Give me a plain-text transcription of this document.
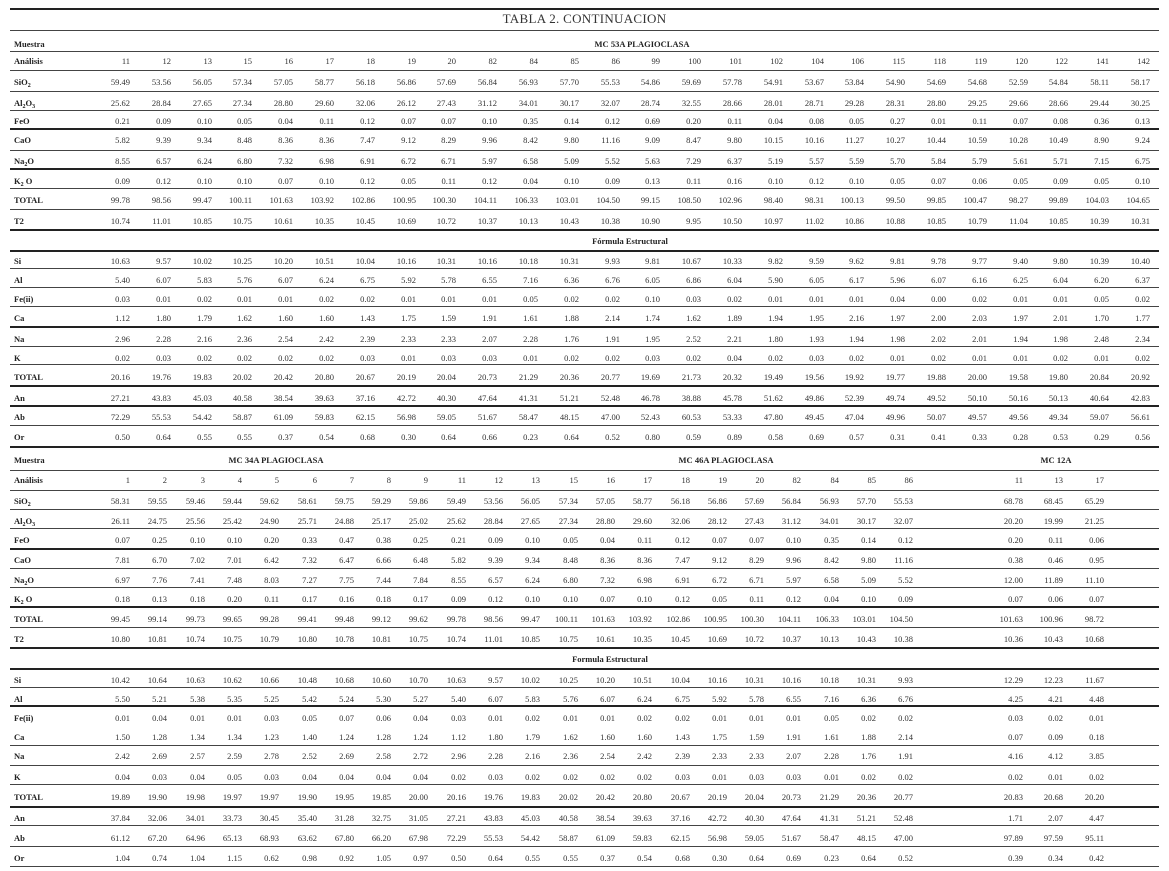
TABLA 2. CONTINUACION
Muestra	MC 53A PLAGIOCLASA
Análisis	11	12	13	15	16	17	18	19	20	82	84	85	86	99	100	101	102	104	106	115	118	119	120	122	141	142
SiO$_2$	59.49	53.56	56.05	57.34	57.05	58.77	56.18	56.86	57.69	56.84	56.93	57.70	55.53	54.86	59.69	57.78	54.91	53.67	53.84	54.90	54.69	54.68	52.59	54.84	58.11	58.17
$Al_2O_3$	25.62	28.84	27.65	27.34	28.80	29.60	32.06	26.12	27.43	31.12	34.01	30.17	32.07	28.74	32.55	28.66	28.01	28.71	29.28	28.31	28.80	29.25	29.66	28.66	29.44	30.25
FeO	0.21	0.09	0.10	0.05	0.04	0.11	0.12	0.07	0.07	0.10	0.35	0.14	0.12	0.69	0.20	0.11	0.04	0.08	0.05	0.27	0.01	0.11	0.07	0.08	0.36	0.13
CaO	5.82	9.39	9.34	8.48	8.36	8.36	7.47	9.12	8.29	9.96	8.42	9.80	11.16	9.09	8.47	9.80	10.15	10.16	11.27	10.27	10.44	10.59	10.28	10.49	8.90	9.24
$Na_2O$	8.55	6.57	6.24	6.80	7.32	6.98	6.91	6.72	6.71	5.97	6.58	5.09	5.52	5.63	7.29	6.37	5.19	5.57	5.59	5.70	5.84	5.79	5.61	5.71	7.15	6.75
$K_2$ O	0.09	0.12	0.10	0.10	0.07	0.10	0.12	0.05	0.11	0.12	0.04	0.10	0.09	0.13	0.11	0.16	0.10	0.12	0.10	0.05	0.07	0.06	0.05	0.09	0.05	0.10
TOTAL	99.78	98.56	99.47	100.11	101.63	103.92	102.86	100.95	100.30	104.11	106.33	103.01	104.50	99.15	108.50	102.96	98.40	98.31	100.13	99.50	99.85	100.47	98.27	99.89	104.03	104.65
T2	10.74	11.01	10.85	10.75	10.61	10.35	10.45	10.69	10.72	10.37	10.13	10.43	10.38	10.90	9.95	10.50	10.97	11.02	10.86	10.88	10.85	10.79	11.04	10.85	10.39	10.31
Fórmula Estructural
Si	10.63	9.57	10.02	10.25	10.20	10.51	10.04	10.16	10.31	10.16	10.18	10.31	9.93	9.81	10.67	10.33	9.82	9.59	9.62	9.81	9.78	9.77	9.40	9.80	10.39	10.40
Al	5.40	6.07	5.83	5.76	6.07	6.24	6.75	5.92	5.78	6.55	7.16	6.36	6.76	6.05	6.86	6.04	5.90	6.05	6.17	5.96	6.07	6.16	6.25	6.04	6.20	6.37
Fe(ii)	0.03	0.01	0.02	0.01	0.01	0.02	0.02	0.01	0.01	0.01	0.05	0.02	0.02	0.10	0.03	0.02	0.01	0.01	0.01	0.04	0.00	0.02	0.01	0.01	0.05	0.02
Ca	1.12	1.80	1.79	1.62	1.60	1.60	1.43	1.75	1.59	1.91	1.61	1.88	2.14	1.74	1.62	1.89	1.94	1.95	2.16	1.97	2.00	2.03	1.97	2.01	1.70	1.77
Na	2.96	2.28	2.16	2.36	2.54	2.42	2.39	2.33	2.33	2.07	2.28	1.76	1.91	1.95	2.52	2.21	1.80	1.93	1.94	1.98	2.02	2.01	1.94	1.98	2.48	2.34
K	0.02	0.03	0.02	0.02	0.02	0.02	0.03	0.01	0.03	0.03	0.01	0.02	0.02	0.03	0.02	0.04	0.02	0.03	0.02	0.01	0.02	0.01	0.01	0.02	0.01	0.02
TOTAL	20.16	19.76	19.83	20.02	20.42	20.80	20.67	20.19	20.04	20.73	21.29	20.36	20.77	19.69	21.73	20.32	19.49	19.56	19.92	19.77	19.88	20.00	19.58	19.80	20.84	20.92
An	27.21	43.83	45.03	40.58	38.54	39.63	37.16	42.72	40.30	47.64	41.31	51.21	52.48	46.78	38.88	45.78	51.62	49.86	52.39	49.74	49.52	50.10	50.16	50.13	40.64	42.83
Ab	72.29	55.53	54.42	58.87	61.09	59.83	62.15	56.98	59.05	51.67	58.47	48.15	47.00	52.43	60.53	53.33	47.80	49.45	47.04	49.96	50.07	49.57	49.56	49.34	59.07	56.61
Or	0.50	0.64	0.55	0.55	0.37	0.54	0.68	0.30	0.64	0.66	0.23	0.64	0.52	0.80	0.59	0.89	0.58	0.69	0.57	0.31	0.41	0.33	0.28	0.53	0.29	0.56
Muestra	MC 34A PLAGIOCLASA	MC 46A PLAGIOCLASA	MC 12A
Análisis	1	2	3	4	5	6	7	8	9	11	12	13	15	16	17	18	19	20	82	84	85	86	11	13	17
SiO$_2$	58.31	59.55	59.46	59.44	59.62	58.61	59.75	59.29	59.86	59.49	53.56	56.05	57.34	57.05	58.77	56.18	56.86	57.69	56.84	56.93	57.70	55.53	68.78	68.45	65.29
$Al_2O_3$	26.11	24.75	25.56	25.42	24.90	25.71	24.88	25.17	25.02	25.62	28.84	27.65	27.34	28.80	29.60	32.06	28.12	27.43	31.12	34.01	30.17	32.07	20.20	19.99	21.25
FeO	0.07	0.25	0.10	0.10	0.20	0.33	0.47	0.38	0.25	0.21	0.09	0.10	0.05	0.04	0.11	0.12	0.07	0.07	0.10	0.35	0.14	0.12	0.20	0.11	0.06
CaO	7.81	6.70	7.02	7.01	6.42	7.32	6.47	6.66	6.48	5.82	9.39	9.34	8.48	8.36	8.36	7.47	9.12	8.29	9.96	8.42	9.80	11.16	0.38	0.46	0.95
$Na_2O$	6.97	7.76	7.41	7.48	8.03	7.27	7.75	7.44	7.84	8.55	6.57	6.24	6.80	7.32	6.98	6.91	6.72	6.71	5.97	6.58	5.09	5.52	12.00	11.89	11.10
$K_2$ O	0.18	0.13	0.18	0.20	0.11	0.17	0.16	0.18	0.17	0.09	0.12	0.10	0.10	0.07	0.10	0.12	0.05	0.11	0.12	0.04	0.10	0.09	0.07	0.06	0.07
TOTAL	99.45	99.14	99.73	99.65	99.28	99.41	99.48	99.12	99.62	99.78	98.56	99.47	100.11	101.63	103.92	102.86	100.95	100.30	104.11	106.33	103.01	104.50	101.63	100.96	98.72
T2	10.80	10.81	10.74	10.75	10.79	10.80	10.78	10.81	10.75	10.74	11.01	10.85	10.75	10.61	10.35	10.45	10.69	10.72	10.37	10.13	10.43	10.38	10.36	10.43	10.68
Formula Estructural
Si	10.42	10.64	10.63	10.62	10.66	10.48	10.68	10.60	10.70	10.63	9.57	10.02	10.25	10.20	10.51	10.04	10.16	10.31	10.16	10.18	10.31	9.93	12.29	12.23	11.67
Al	5.50	5.21	5.38	5.35	5.25	5.42	5.24	5.30	5.27	5.40	6.07	5.83	5.76	6.07	6.24	6.75	5.92	5.78	6.55	7.16	6.36	6.76	4.25	4.21	4.48
Fe(ii)	0.01	0.04	0.01	0.01	0.03	0.05	0.07	0.06	0.04	0.03	0.01	0.02	0.01	0.01	0.02	0.02	0.01	0.01	0.01	0.05	0.02	0.02	0.03	0.02	0.01
Ca	1.50	1.28	1.34	1.34	1.23	1.40	1.24	1.28	1.24	1.12	1.80	1.79	1.62	1.60	1.60	1.43	1.75	1.59	1.91	1.61	1.88	2.14	0.07	0.09	0.18
Na	2.42	2.69	2.57	2.59	2.78	2.52	2.69	2.58	2.72	2.96	2.28	2.16	2.36	2.54	2.42	2.39	2.33	2.33	2.07	2.28	1.76	1.91	4.16	4.12	3.85
K	0.04	0.03	0.04	0.05	0.03	0.04	0.04	0.04	0.04	0.02	0.03	0.02	0.02	0.02	0.02	0.03	0.01	0.03	0.03	0.01	0.02	0.02	0.02	0.01	0.02
TOTAL	19.89	19.90	19.98	19.97	19.97	19.90	19.95	19.85	20.00	20.16	19.76	19.83	20.02	20.42	20.80	20.67	20.19	20.04	20.73	21.29	20.36	20.77	20.83	20.68	20.20
An	37.84	32.06	34.01	33.73	30.45	35.40	31.28	32.75	31.05	27.21	43.83	45.03	40.58	38.54	39.63	37.16	42.72	40.30	47.64	41.31	51.21	52.48	1.71	2.07	4.47
Ab	61.12	67.20	64.96	65.13	68.93	63.62	67.80	66.20	67.98	72.29	55.53	54.42	58.87	61.09	59.83	62.15	56.98	59.05	51.67	58.47	48.15	47.00	97.89	97.59	95.11
Or	1.04	0.74	1.04	1.15	0.62	0.98	0.92	1.05	0.97	0.50	0.64	0.55	0.55	0.37	0.54	0.68	0.30	0.64	0.69	0.23	0.64	0.52	0.39	0.34	0.42
